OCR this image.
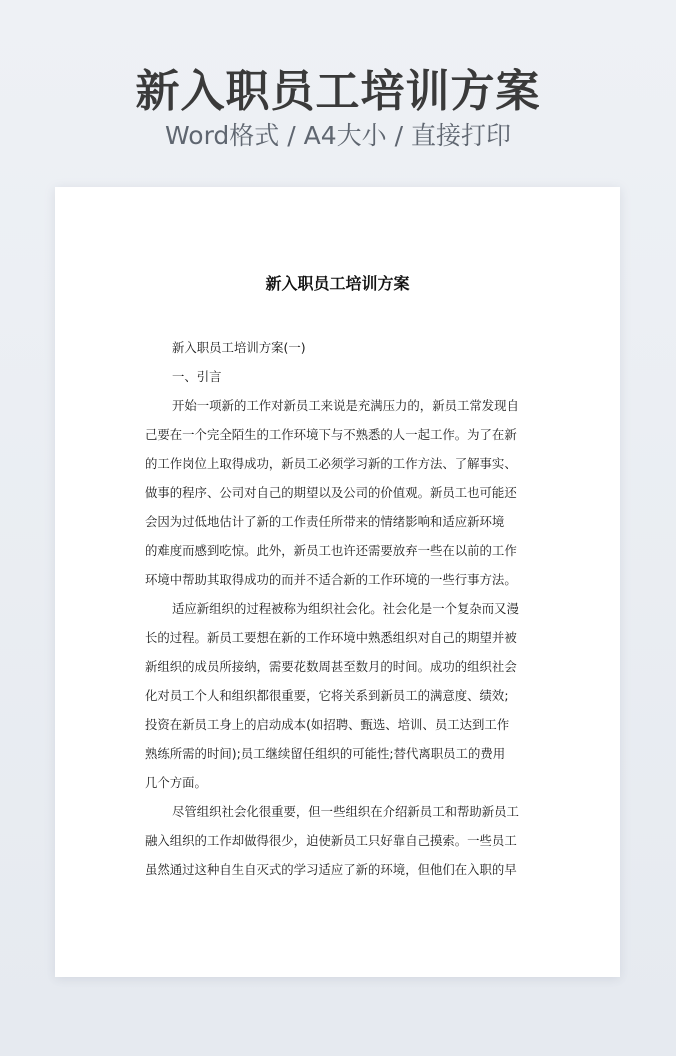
新入职员工培训方案
Word格式 / A4大小 / 直接打印
新入职员工培训方案

新入职员工培训方案(一)

一、引言

开始一项新的工作对新员工来说是充满压力的，新员工常发现自

己要在一个完全陌生的工作环境下与不熟悉的人一起工作。为了在新

的工作岗位上取得成功，新员工必须学习新的工作方法、了解事实、

做事的程序、公司对自己的期望以及公司的价值观。新员工也可能还

会因为过低地估计了新的工作责任所带来的情绪影响和适应新环境

的难度而感到吃惊。此外，新员工也许还需要放弃一些在以前的工作

环境中帮助其取得成功的而并不适合新的工作环境的一些行事方法。

适应新组织的过程被称为组织社会化。社会化是一个复杂而又漫

长的过程。新员工要想在新的工作环境中熟悉组织对自己的期望并被

新组织的成员所接纳，需要花数周甚至数月的时间。成功的组织社会

化对员工个人和组织都很重要，它将关系到新员工的满意度、绩效;

投资在新员工身上的启动成本(如招聘、甄选、培训、员工达到工作

熟练所需的时间);员工继续留任组织的可能性;替代离职员工的费用

几个方面。

尽管组织社会化很重要，但一些组织在介绍新员工和帮助新员工

融入组织的工作却做得很少，迫使新员工只好靠自己摸索。一些员工

虽然通过这种自生自灭式的学习适应了新的环境，但他们在入职的早
